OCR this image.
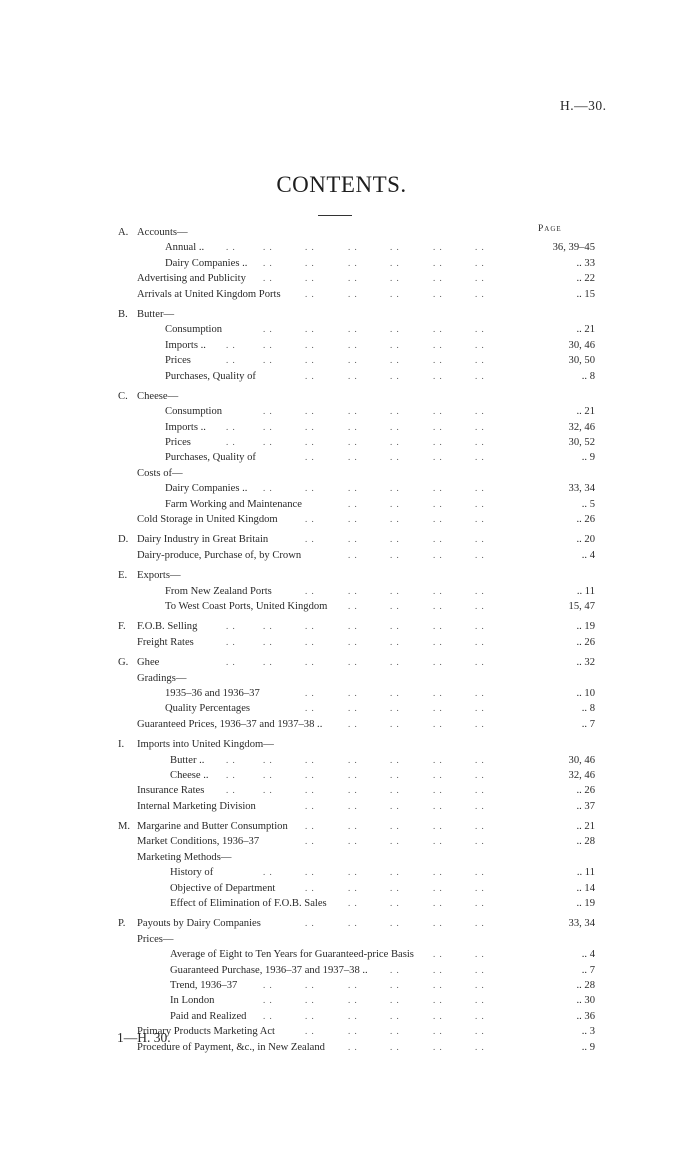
H.—30.
CONTENTS.
Page
A. Accounts—
Annual ..	36, 39–45
. .	. .	. .	. .	. .	. .	. .
Dairy Companies ..	.. 33
. .	. .	. .	. .	. .	. .
Advertising and Publicity	.. 22
. .	. .	. .	. .	. .	. .
Arrivals at United Kingdom Ports	.. 15
. .	. .	. .	. .	. .
B. Butter—
Consumption	.. 21
. .	. .	. .	. .	. .	. .
Imports ..	30, 46
. .	. .	. .	. .	. .	. .	. .
Prices	30, 50
. .	. .	. .	. .	. .	. .	. .
Purchases, Quality of	.. 8
. .	. .	. .	. .	. .
C. Cheese—
Consumption	.. 21
. .	. .	. .	. .	. .	. .
Imports ..	32, 46
. .	. .	. .	. .	. .	. .	. .
Prices	30, 52
. .	. .	. .	. .	. .	. .	. .
Purchases, Quality of	.. 9
. .	. .	. .	. .	. .
Costs of—
Dairy Companies ..	33, 34
. .	. .	. .	. .	. .	. .
Farm Working and Maintenance	.. 5
. .	. .	. .	. .
Cold Storage in United Kingdom	.. 26
. .	. .	. .	. .	. .
D. Dairy Industry in Great Britain	.. 20
. .	. .	. .	. .	. .
Dairy-produce, Purchase of, by Crown	.. 4
. .	. .	. .	. .
E. Exports—
From New Zealand Ports	.. 11
. .	. .	. .	. .	. .
To West Coast Ports, United Kingdom	15, 47
. .	. .	. .	. .
F. F.O.B. Selling	.. 19
. .	. .	. .	. .	. .	. .	. .
Freight Rates	.. 26
. .	. .	. .	. .	. .	. .	. .
G. Ghee	.. 32
. .	. .	. .	. .	. .	. .	. .
Gradings—
1935–36 and 1936–37	.. 10
. .	. .	. .	. .	. .
Quality Percentages	.. 8
. .	. .	. .	. .	. .
Guaranteed Prices, 1936–37 and 1937–38 ..	.. 7
. .	. .	. .	. .
I. Imports into United Kingdom—
Butter ..	30, 46
. .	. .	. .	. .	. .	. .	. .
Cheese ..	32, 46
. .	. .	. .	. .	. .	. .	. .
Insurance Rates	.. 26
. .	. .	. .	. .	. .	. .	. .
Internal Marketing Division	.. 37
. .	. .	. .	. .	. .
M. Margarine and Butter Consumption	.. 21
. .	. .	. .	. .	. .
Market Conditions, 1936–37	.. 28
. .	. .	. .	. .	. .
Marketing Methods—
History of	.. 11
. .	. .	. .	. .	. .	. .
Objective of Department	.. 14
. .	. .	. .	. .	. .
Effect of Elimination of F.O.B. Sales	.. 19
. .	. .	. .	. .
P. Payouts by Dairy Companies	33, 34
. .	. .	. .	. .	. .
Prices—
Average of Eight to Ten Years for Guaranteed-price Basis	.. 4
. .	. .
Guaranteed Purchase, 1936–37 and 1937–38 ..	.. 7
. .	. .	. .
Trend, 1936–37	.. 28
. .	. .	. .	. .	. .	. .
In London	.. 30
. .	. .	. .	. .	. .	. .
Paid and Realized	.. 36
. .	. .	. .	. .	. .	. .
Primary Products Marketing Act	.. 3
. .	. .	. .	. .	. .
Procedure of Payment, &c., in New Zealand	.. 9
. .	. .	. .	. .
1—H. 30.
